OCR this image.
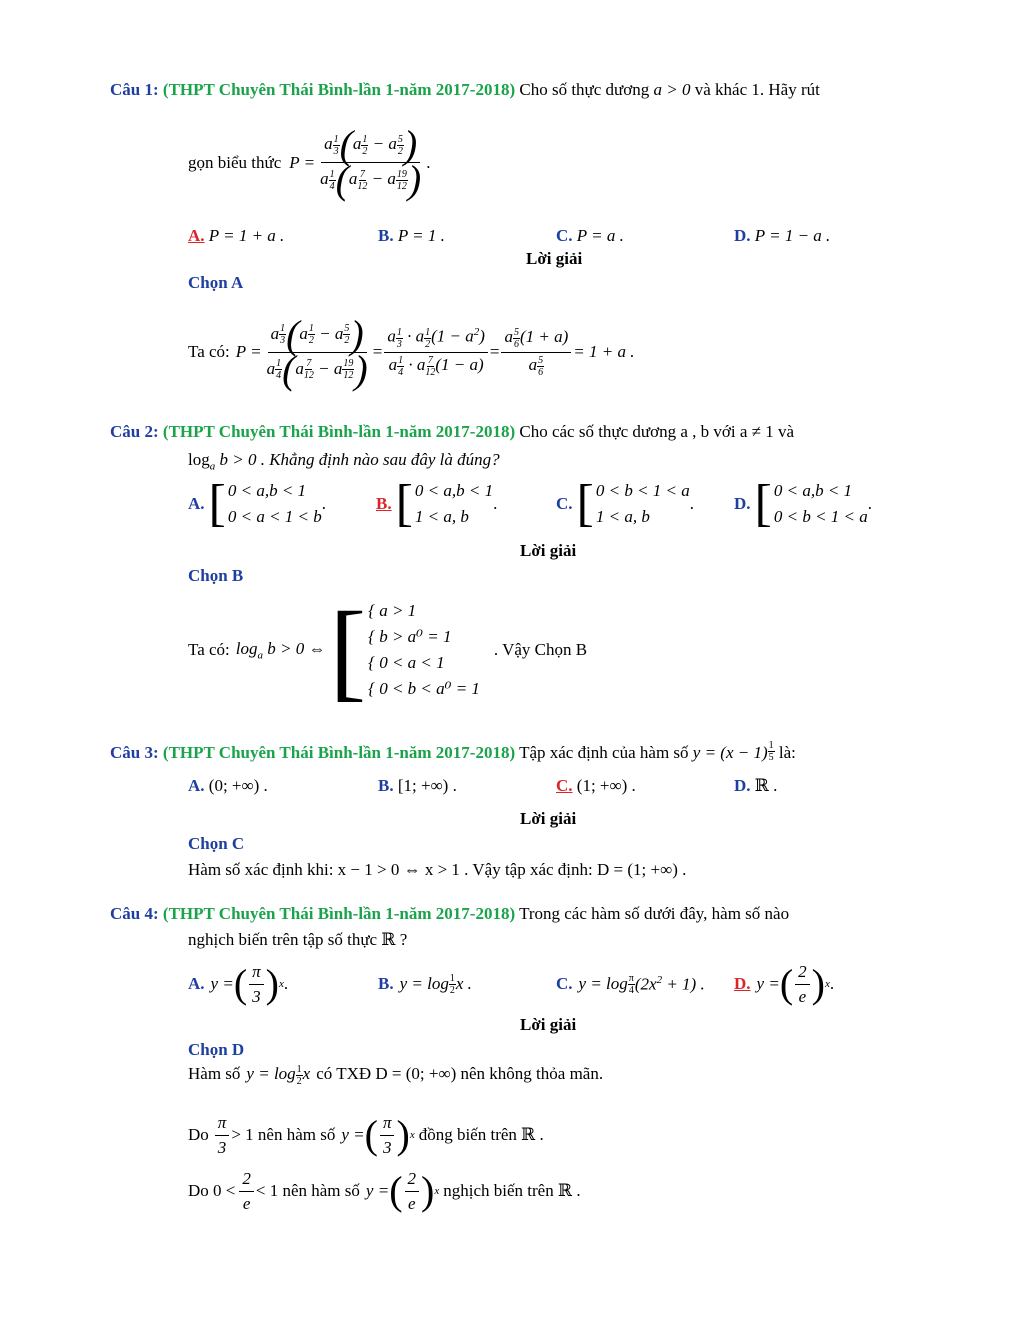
Câu 1: (THPT Chuyên Thái Bình-lần 1-năm 2017-2018) Cho số thực dương a > 0 và khác 1. Hãy rút
gọn biểu thức $P = \frac{a \frac{1}{3} (a \frac{1}{2} - a \frac{5}{2} )}{a \frac{1}{4} (a \frac{7}{12} - a \frac{19}{12} )}$ .
A. P = 1 + a .	B. P = 1 .	C. P = a .	D. P = 1 − a .
Lời giải
Chọn A
Ta có: $P = \frac{a \frac{1}{3} (a \frac{1}{2} - a \frac{5}{2} )}{a \frac{1}{4} (a \frac{7}{12} - a \frac{19}{12} )} = \frac{a \frac{1}{3} \cdot a \frac{1}{2} (1 - a^2)}{a \frac{1}{4} \cdot a \frac{7}{12} (1 - a)} = \frac{a \frac{5}{6} (1 + a)}{a \frac{5}{6}} = 1 + a$ .
Câu 2: (THPT Chuyên Thái Bình-lần 1-năm 2017-2018) Cho các số thực dương a , b với a ≠ 1 và
$\log_a b > 0$ . Khẳng định nào sau đây là đúng?
A. [ 0 < a,b < 1
0 < a < 1 < b
.	B. [ 0 < a,b < 1
1 < a, b
.	C. [ 0 < b < 1 < a
1 < a, b
. D. [ 0 < a,b < 1
0 < b < 1 < a
.
Lời giải
Chọn B
Ta có: $\log_a b > 0$ ⇔ [ { a > 1
{ b > a⁰ = 1
{ 0 < a < 1
{ 0 < b < a⁰ = 1
. Vậy Chọn B
Câu 3: (THPT Chuyên Thái Bình-lần 1-năm 2017-2018) Tập xác định của hàm số $y = (x - 1) \frac{1}{5}$ là:
A. (0; +∞) .	B. [1; +∞) .	C. (1; +∞) .	D. ℝ .
Lời giải
Chọn C
Hàm số xác định khi: x − 1 > 0 ⇔ x > 1 . Vậy tập xác định: D = (1; +∞) .
Câu 4: (THPT Chuyên Thái Bình-lần 1-năm 2017-2018) Trong các hàm số dưới đây, hàm số nào
nghịch biến trên tập số thực ℝ ?
A. y = ( $\frac{\pi}{3}$ ) x .	B. y = log 1
2 x .	C. y = log π
4 $(2x^2 + 1)$ . D. y = ( $\frac{2}{e}$ ) x .
Lời giải
Chọn D
Hàm số y = log 1
2 x có TXĐ D = (0; +∞) nên không thỏa mãn.
Do $\frac{\pi}{3} > 1$ nên hàm số y = ( $\frac{\pi}{3}$ ) x đồng biến trên ℝ .
Do $0 < \frac{2}{e} < 1$ nên hàm số y = ( $\frac{2}{e}$ ) x nghịch biến trên ℝ .
